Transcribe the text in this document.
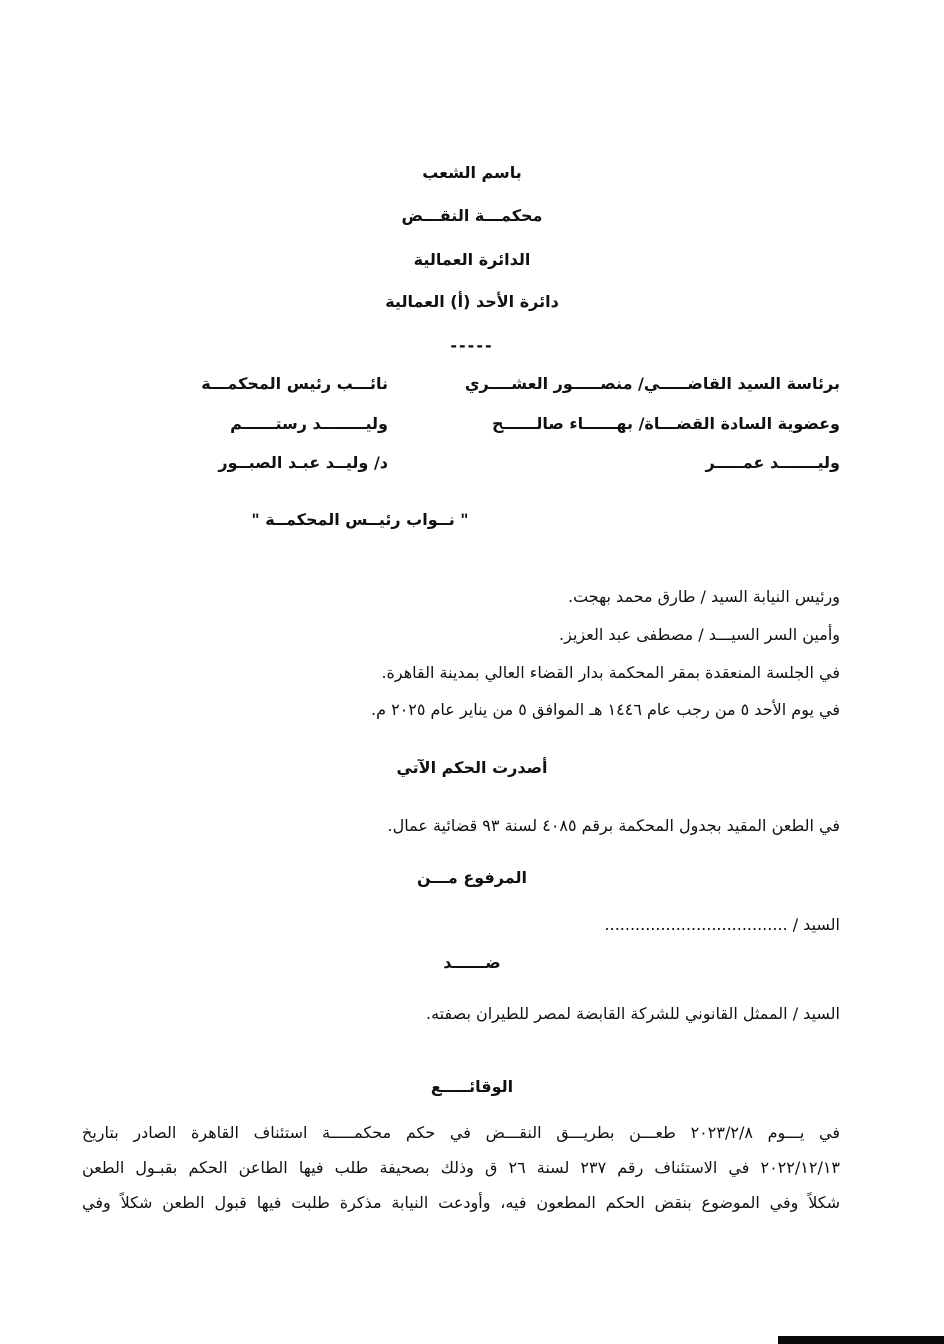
باسم الشعب
محكمـــة النقـــض
الدائرة العمالية
دائرة الأحد (أ) العمالية
-----
برئاسة السيد القاضـــــي/ منصـــــور العشــــري
نائـــب رئيس المحكمـــة
وعضوية السادة القضـــاة/ بهــــــاء صالــــــح
وليــــــــد رستــــــم
وليـــــــد عمـــــر
د/ وليــد عبـد الصبــور
" نــواب رئيــس المحكمــة "
ورئيس النيابة السيد / طارق محمد بهجت.
وأمين السر السيـــد / مصطفى عبد العزيز.
في الجلسة المنعقدة بمقر المحكمة بدار القضاء العالي بمدينة القاهرة.
في يوم الأحد ٥ من رجب عام ١٤٤٦ هـ الموافق ٥ من يناير عام ٢٠٢٥ م.
أصدرت الحكم الآتي
في الطعن المقيد بجدول المحكمة برقم ٤٠٨٥ لسنة ٩٣ قضائية عمال.
المرفوع مـــن
السيد / ....................................
ضــــــد
السيد / الممثل القانوني للشركة القابضة لمصر للطيران بصفته.
الوقائـــــع
في يـــوم ٢٠٢٣/٢/٨ طعـــن بطريـــق النقـــض في حكم محكمـــــة استئناف القاهرة الصادر بتاريخ
٢٠٢٢/١٢/١٣ في الاستئناف رقم ٢٣٧ لسنة ٢٦ ق وذلك بصحيفة طلب فيها الطاعن الحكم بقبـول الطعن
شكلاً وفي الموضوع بنقض الحكم المطعون فيه، وأودعت النيابة مذكرة طلبت فيها قبول الطعن شكلاً وفي
